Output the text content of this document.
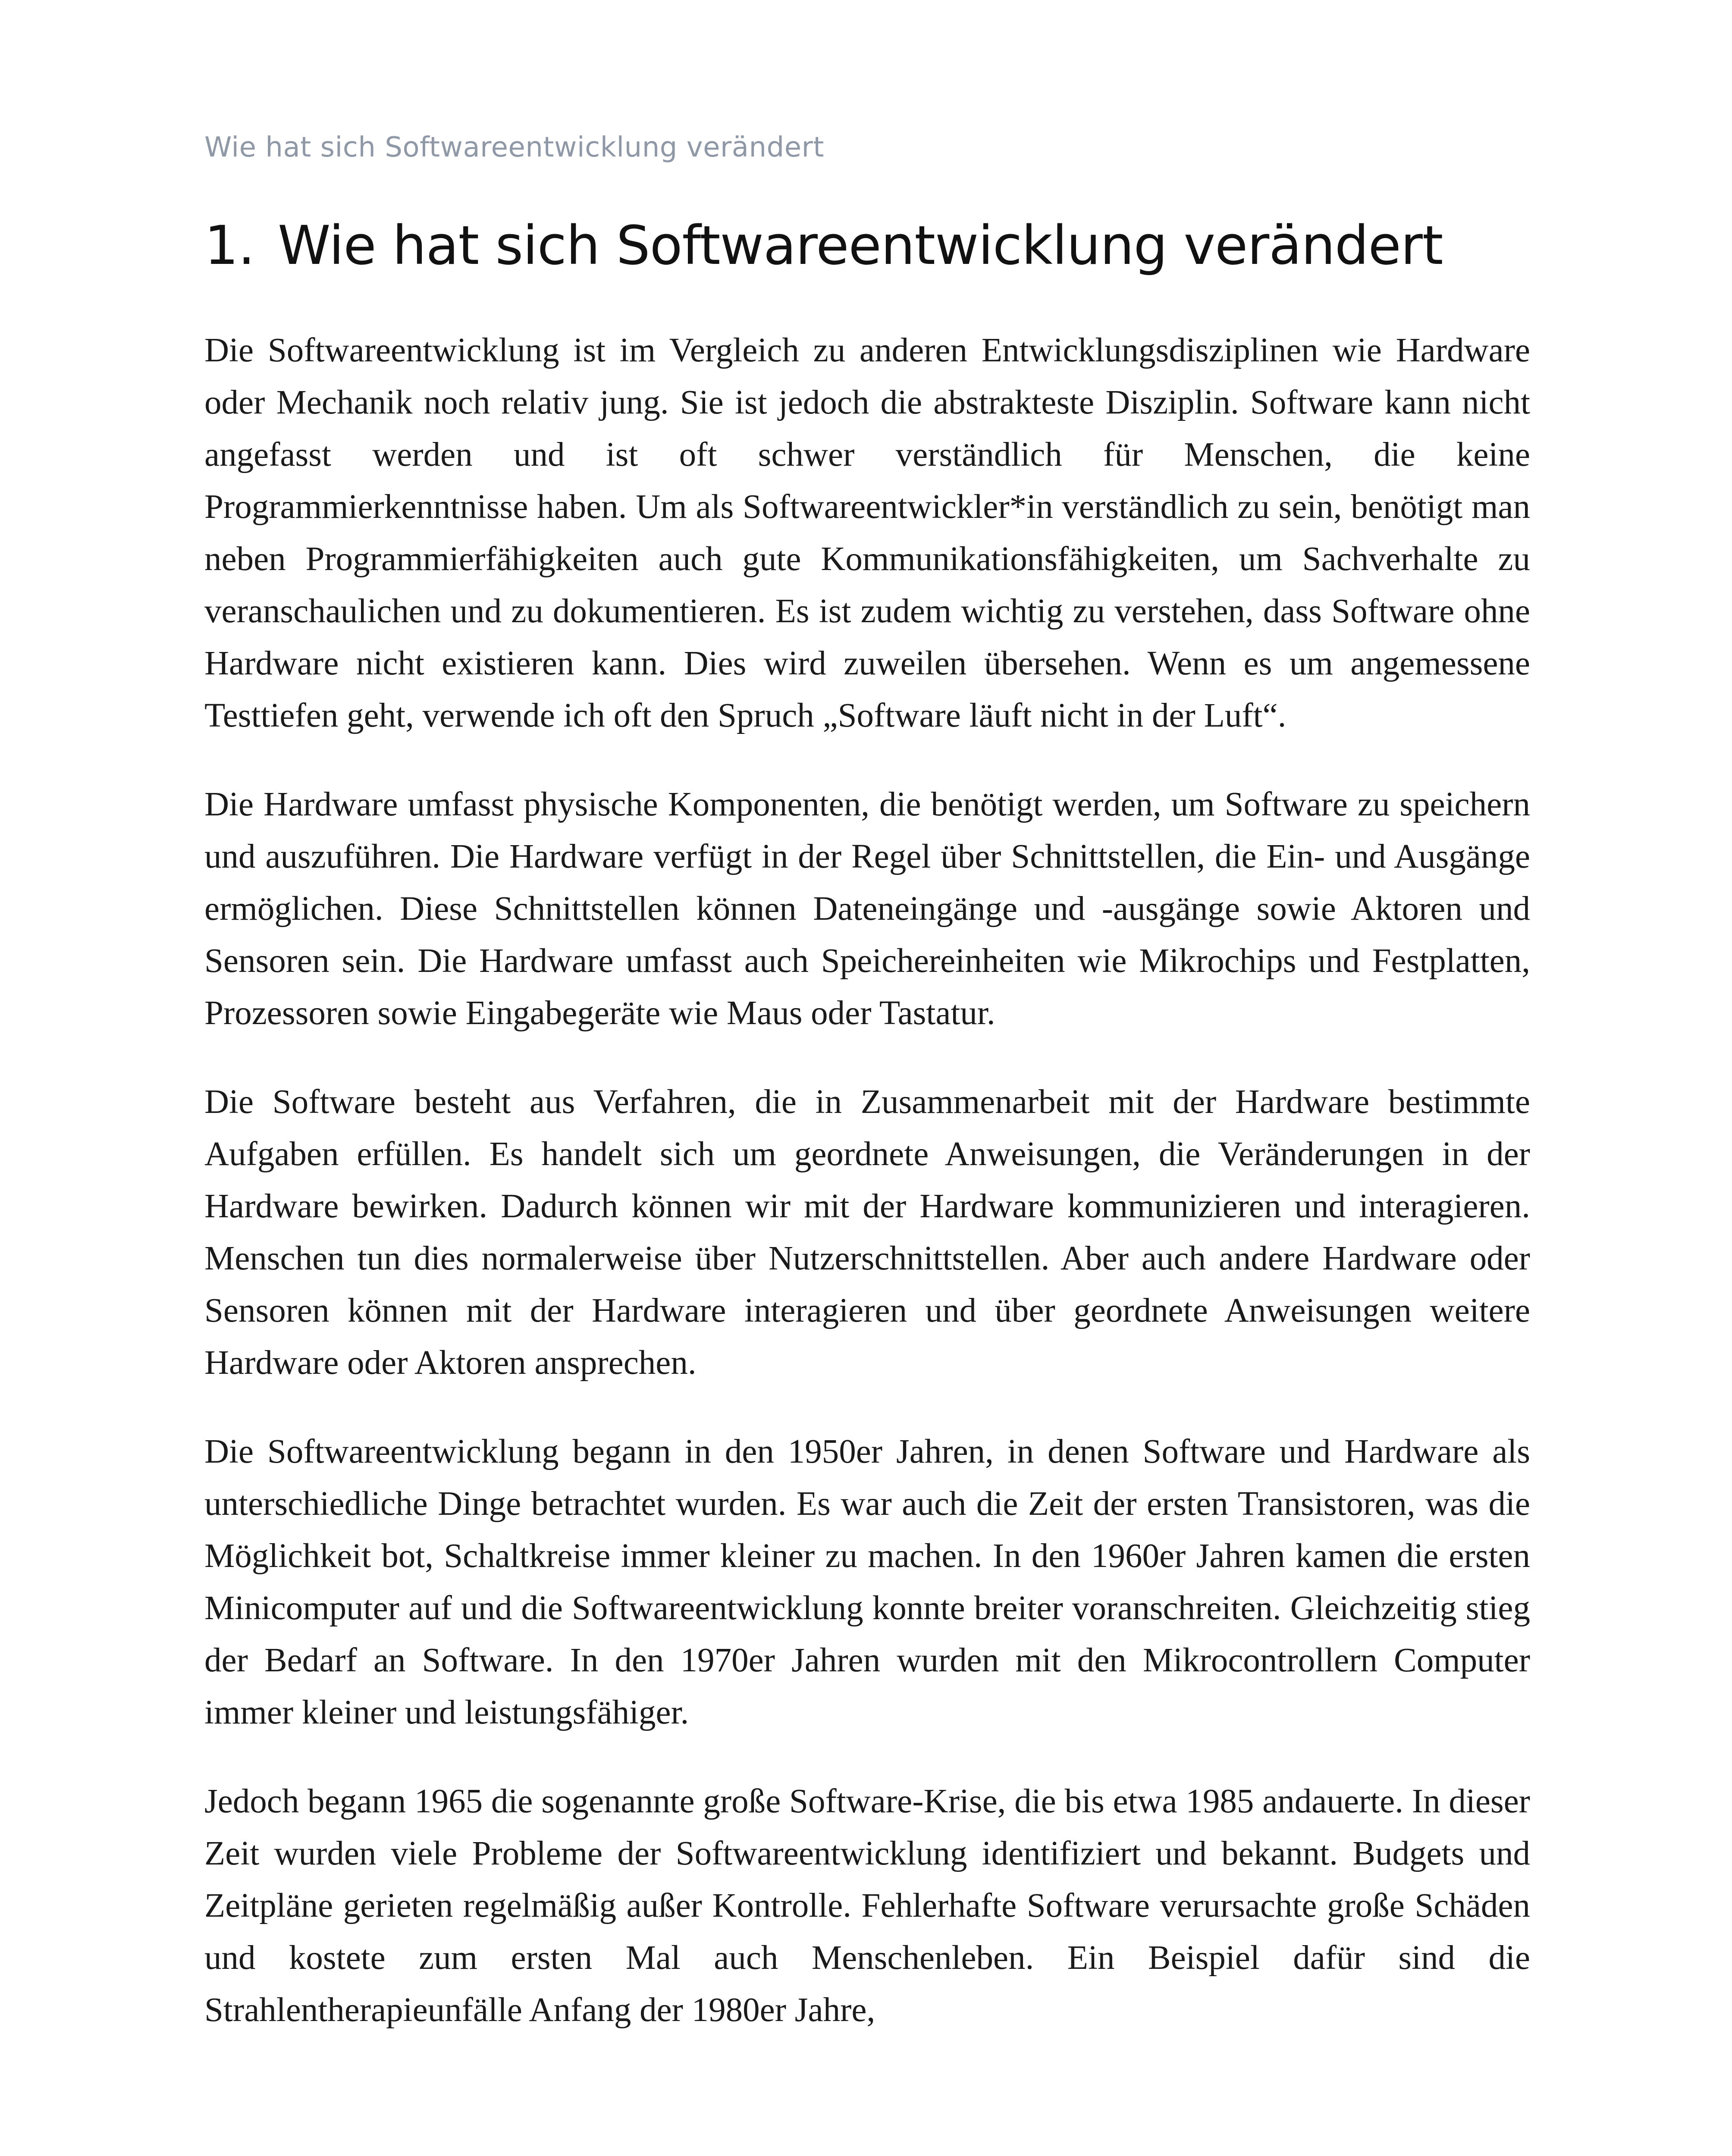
Wie hat sich Softwareentwicklung verändert
1. Wie hat sich Softwareentwicklung verändert

Die Softwareentwicklung ist im Vergleich zu anderen Entwicklungsdisziplinen wie Hardware oder Mechanik noch relativ jung. Sie ist jedoch die abstrakteste Disziplin. Software kann nicht angefasst werden und ist oft schwer verständlich für Menschen, die keine Programmierkenntnisse haben. Um als Softwareentwickler*in verständlich zu sein, benötigt man neben Programmierfähigkeiten auch gute Kommunikationsfähigkeiten, um Sachverhalte zu veranschaulichen und zu dokumentieren. Es ist zudem wichtig zu verstehen, dass Software ohne Hardware nicht existieren kann. Dies wird zuweilen übersehen. Wenn es um angemessene Testtiefen geht, verwende ich oft den Spruch „Software läuft nicht in der Luft“.

Die Hardware umfasst physische Komponenten, die benötigt werden, um Software zu speichern und auszuführen. Die Hardware verfügt in der Regel über Schnittstellen, die Ein- und Ausgänge ermöglichen. Diese Schnittstellen können Dateneingänge und -ausgänge sowie Aktoren und Sensoren sein. Die Hardware umfasst auch Speichereinheiten wie Mikrochips und Festplatten, Prozessoren sowie Eingabegeräte wie Maus oder Tastatur.

Die Software besteht aus Verfahren, die in Zusammenarbeit mit der Hardware bestimmte Aufgaben erfüllen. Es handelt sich um geordnete Anweisungen, die Veränderungen in der Hardware bewirken. Dadurch können wir mit der Hardware kommunizieren und interagieren. Menschen tun dies normalerweise über Nutzerschnittstellen. Aber auch andere Hardware oder Sensoren können mit der Hardware interagieren und über geordnete Anweisungen weitere Hardware oder Aktoren ansprechen.

Die Softwareentwicklung begann in den 1950er Jahren, in denen Software und Hardware als unterschiedliche Dinge betrachtet wurden. Es war auch die Zeit der ersten Transistoren, was die Möglichkeit bot, Schaltkreise immer kleiner zu machen. In den 1960er Jahren kamen die ersten Minicomputer auf und die Softwareentwicklung konnte breiter voranschreiten. Gleichzeitig stieg der Bedarf an Software. In den 1970er Jahren wurden mit den Mikrocontrollern Computer immer kleiner und leistungsfähiger.

Jedoch begann 1965 die sogenannte große Software-Krise, die bis etwa 1985 andauerte. In dieser Zeit wurden viele Probleme der Softwareentwicklung identifiziert und bekannt. Budgets und Zeitpläne gerieten regelmäßig außer Kontrolle. Fehlerhafte Software verursachte große Schäden und kostete zum ersten Mal auch Menschenleben. Ein Beispiel dafür sind die Strahlentherapieunfälle Anfang der 1980er Jahre,
